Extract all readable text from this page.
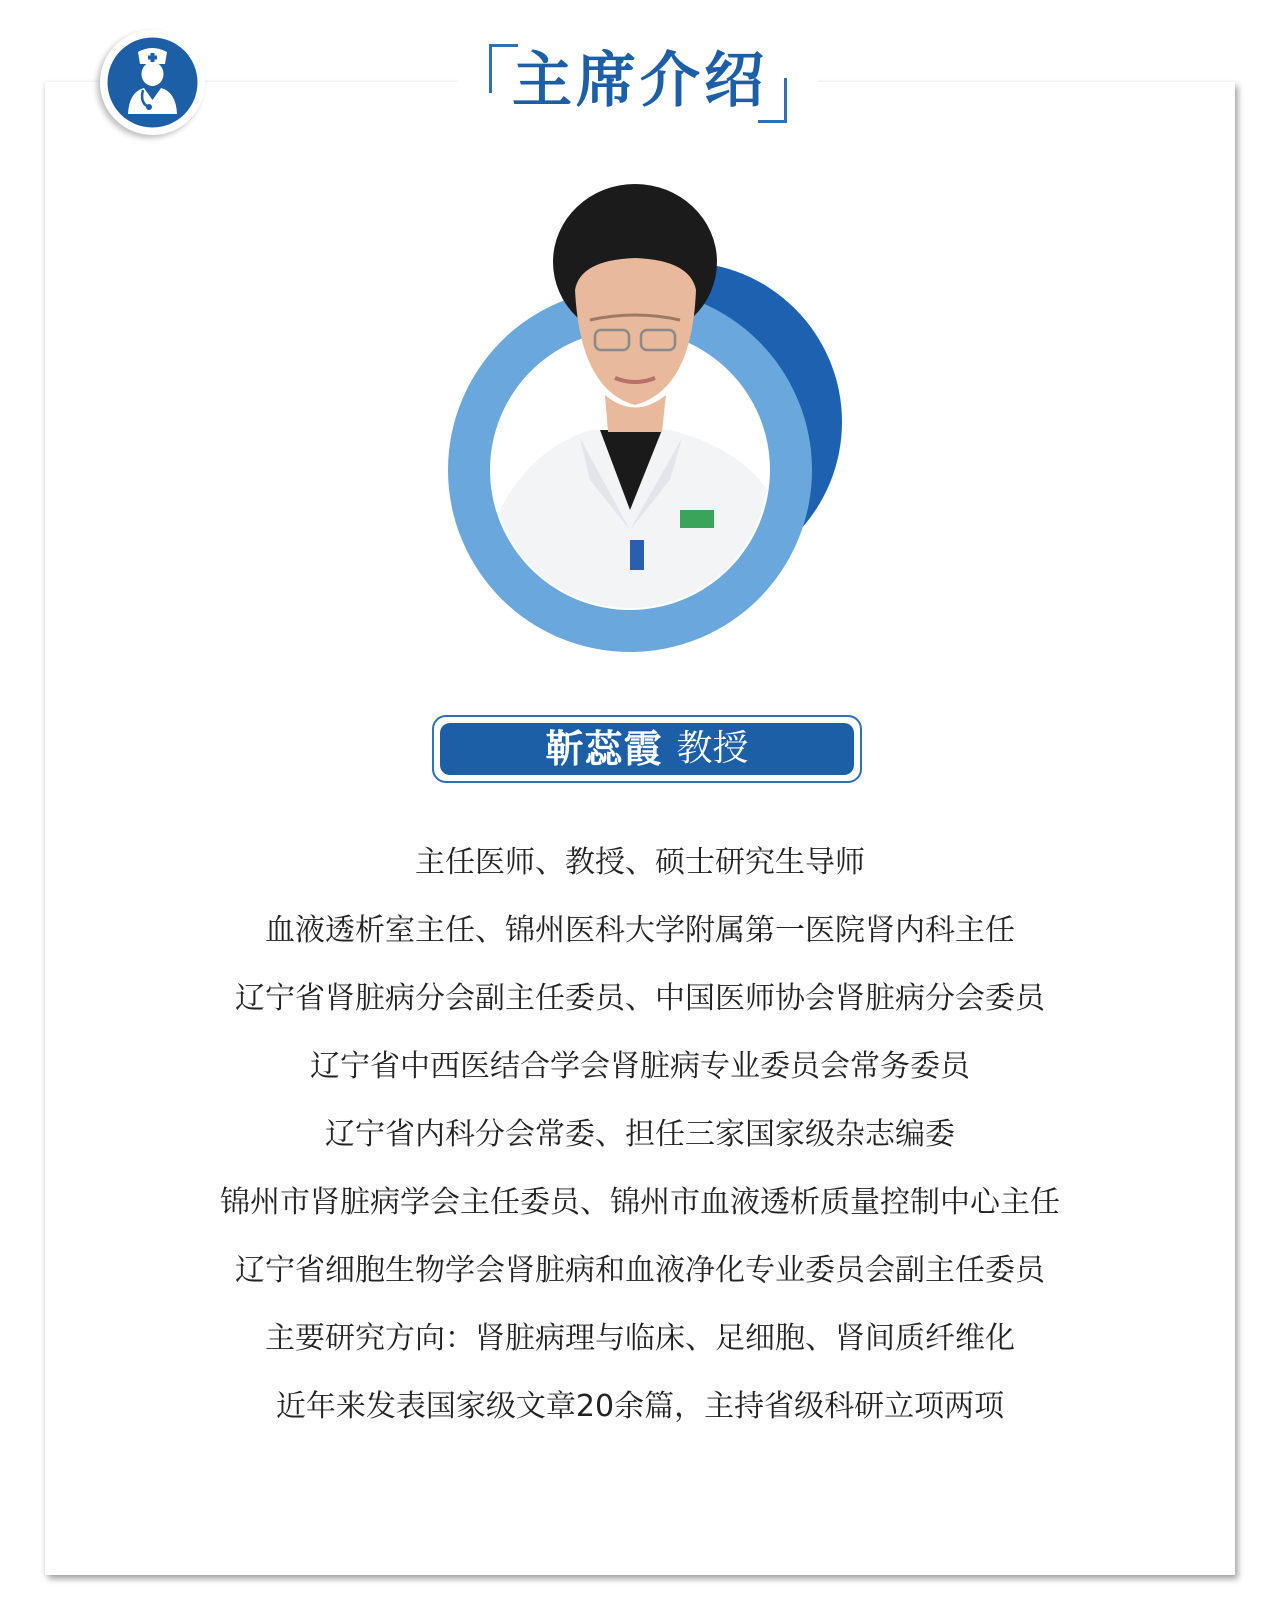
主席介绍
靳蕊霞 教授
主任医师、教授、硕士研究生导师
血液透析室主任、锦州医科大学附属第一医院肾内科主任
辽宁省肾脏病分会副主任委员、中国医师协会肾脏病分会委员
辽宁省中西医结合学会肾脏病专业委员会常务委员
辽宁省内科分会常委、担任三家国家级杂志编委
锦州市肾脏病学会主任委员、锦州市血液透析质量控制中心主任
辽宁省细胞生物学会肾脏病和血液净化专业委员会副主任委员
主要研究方向：肾脏病理与临床、足细胞、肾间质纤维化
近年来发表国家级文章20余篇，主持省级科研立项两项
